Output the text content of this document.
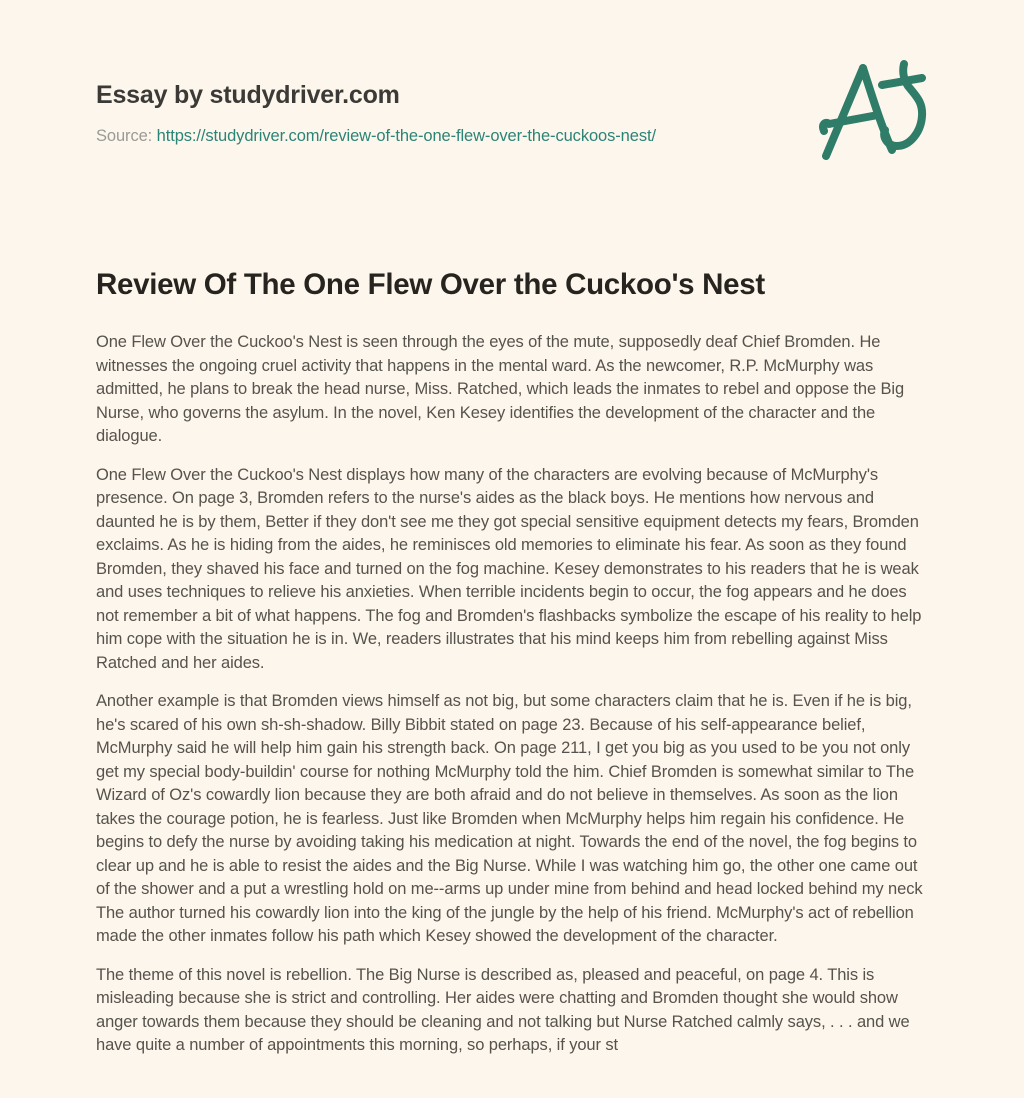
Essay by studydriver.com

Source: https://studydriver.com/review-of-the-one-flew-over-the-cuckoos-nest/

Review Of The One Flew Over the Cuckoo's Nest

One Flew Over the Cuckoo's Nest is seen through the eyes of the mute, supposedly deaf Chief Bromden. He witnesses the ongoing cruel activity that happens in the mental ward. As the newcomer, R.P. McMurphy was admitted, he plans to break the head nurse, Miss. Ratched, which leads the inmates to rebel and oppose the Big Nurse, who governs the asylum. In the novel, Ken Kesey identifies the development of the character and the dialogue.

One Flew Over the Cuckoo's Nest displays how many of the characters are evolving because of McMurphy's presence. On page 3, Bromden refers to the nurse's aides as the black boys. He mentions how nervous and daunted he is by them, Better if they don't see me they got special sensitive equipment detects my fears, Bromden exclaims. As he is hiding from the aides, he reminisces old memories to eliminate his fear. As soon as they found Bromden, they shaved his face and turned on the fog machine. Kesey demonstrates to his readers that he is weak and uses techniques to relieve his anxieties. When terrible incidents begin to occur, the fog appears and he does not remember a bit of what happens. The fog and Bromden's flashbacks symbolize the escape of his reality to help him cope with the situation he is in. We, readers illustrates that his mind keeps him from rebelling against Miss Ratched and her aides.

Another example is that Bromden views himself as not big, but some characters claim that he is. Even if he is big, he's scared of his own sh-sh-shadow. Billy Bibbit stated on page 23. Because of his self-appearance belief, McMurphy said he will help him gain his strength back. On page 211, I get you big as you used to be you not only get my special body-buildin' course for nothing McMurphy told the him. Chief Bromden is somewhat similar to The Wizard of Oz's cowardly lion because they are both afraid and do not believe in themselves. As soon as the lion takes the courage potion, he is fearless. Just like Bromden when McMurphy helps him regain his confidence. He begins to defy the nurse by avoiding taking his medication at night. Towards the end of the novel, the fog begins to clear up and he is able to resist the aides and the Big Nurse. While I was watching him go, the other one came out of the shower and a put a wrestling hold on me--arms up under mine from behind and head locked behind my neck The author turned his cowardly lion into the king of the jungle by the help of his friend. McMurphy's act of rebellion made the other inmates follow his path which Kesey showed the development of the character.

The theme of this novel is rebellion. The Big Nurse is described as, pleased and peaceful, on page 4. This is misleading because she is strict and controlling. Her aides were chatting and Bromden thought she would show anger towards them because they should be cleaning and not talking but Nurse Ratched calmly says, . . . and we have quite a number of appointments this morning, so perhaps, if your st
